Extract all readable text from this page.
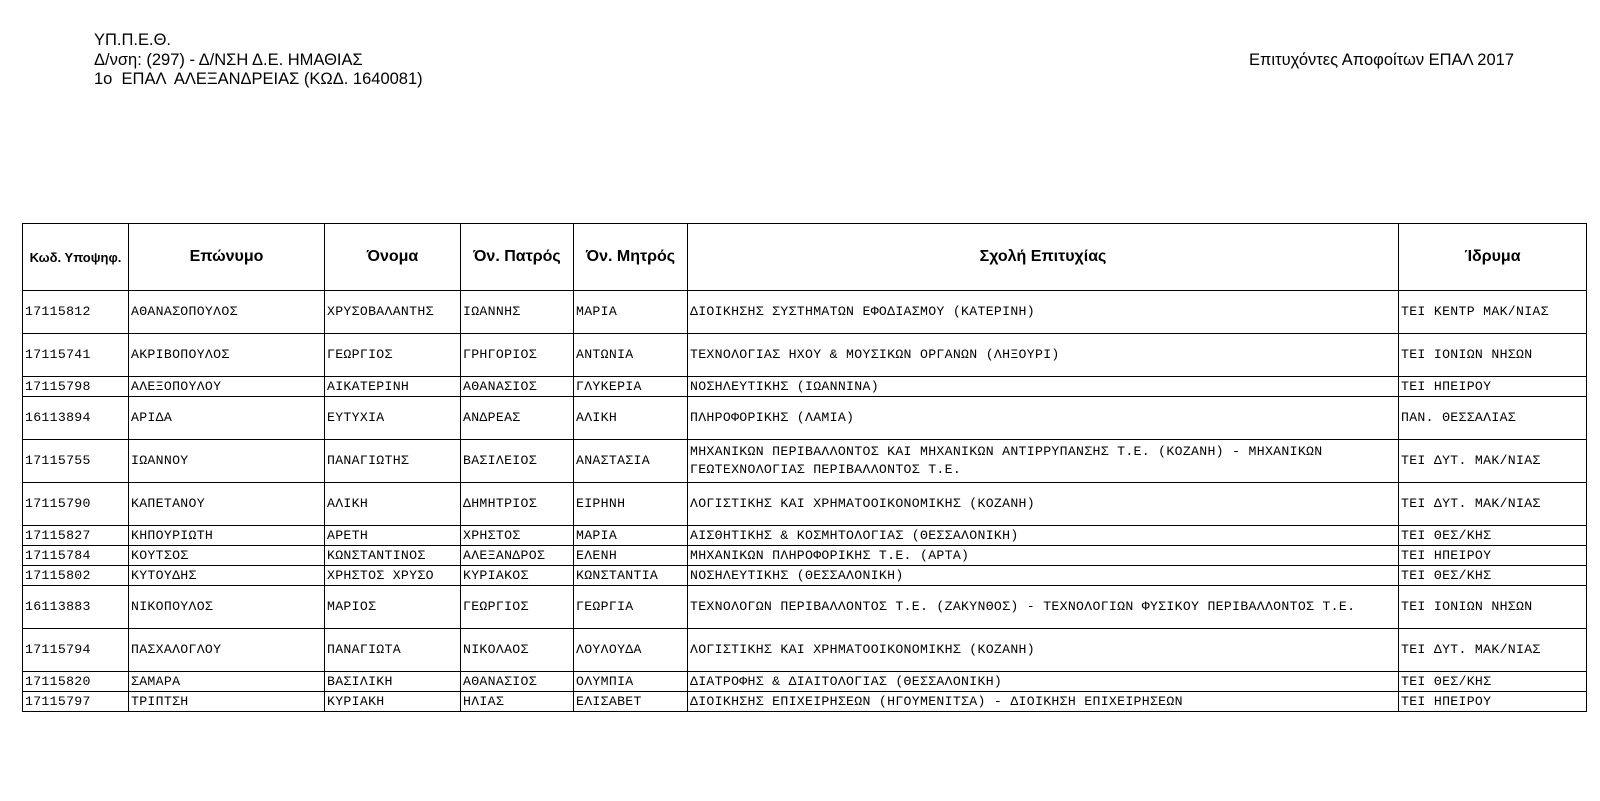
ΥΠ.Π.Ε.Θ.
Δ/νση: (297) - Δ/ΝΣΗ Δ.Ε. ΗΜΑΘΙΑΣ
1ο  ΕΠΑΛ  ΑΛΕΞΑΝΔΡΕΙΑΣ (ΚΩΔ. 1640081)
Επιτυχόντες Αποφοίτων ΕΠΑΛ 2017
Κωδ. Υποψηφ.	Επώνυμο	Όνομα	Όν. Πατρός	Όν. Μητρός	Σχολή Επιτυχίας	Ίδρυμα
17115812	ΑΘΑΝΑΣΟΠΟΥΛΟΣ	ΧΡΥΣΟΒΑΛΑΝΤΗΣ	ΙΩΑΝΝΗΣ	ΜΑΡΙΑ	ΔΙΟΙΚΗΣΗΣ ΣΥΣΤΗΜΑΤΩΝ ΕΦΟΔΙΑΣΜΟΥ (ΚΑΤΕΡΙΝΗ)	ΤΕΙ ΚΕΝΤΡ ΜΑΚ/ΝΙΑΣ
17115741	ΑΚΡΙΒΟΠΟΥΛΟΣ	ΓΕΩΡΓΙΟΣ	ΓΡΗΓΟΡΙΟΣ	ΑΝΤΩΝΙΑ	ΤΕΧΝΟΛΟΓΙΑΣ ΗΧΟΥ & ΜΟΥΣΙΚΩΝ ΟΡΓΑΝΩΝ (ΛΗΞΟΥΡΙ)	ΤΕΙ ΙΟΝΙΩΝ ΝΗΣΩΝ
17115798	ΑΛΕΞΟΠΟΥΛΟΥ	ΑΙΚΑΤΕΡΙΝΗ	ΑΘΑΝΑΣΙΟΣ	ΓΛΥΚΕΡΙΑ	ΝΟΣΗΛΕΥΤΙΚΗΣ (ΙΩΑΝΝΙΝΑ)	ΤΕΙ ΗΠΕΙΡΟΥ
16113894	ΑΡΙΔΑ	ΕΥΤΥΧΙΑ	ΑΝΔΡΕΑΣ	ΑΛΙΚΗ	ΠΛΗΡΟΦΟΡΙΚΗΣ (ΛΑΜΙΑ)	ΠΑΝ. ΘΕΣΣΑΛΙΑΣ
17115755	ΙΩΑΝΝΟΥ	ΠΑΝΑΓΙΩΤΗΣ	ΒΑΣΙΛΕΙΟΣ	ΑΝΑΣΤΑΣΙΑ	ΜΗΧΑΝΙΚΩΝ ΠΕΡΙΒΑΛΛΟΝΤΟΣ ΚΑΙ ΜΗΧΑΝΙΚΩΝ ΑΝΤΙΡΡΥΠΑΝΣΗΣ Τ.Ε. (ΚΟΖΑΝΗ) - ΜΗΧΑΝΙΚΩΝ ΓΕΩΤΕΧΝΟΛΟΓΙΑΣ ΠΕΡΙΒΑΛΛΟΝΤΟΣ Τ.Ε.	ΤΕΙ ΔΥΤ. ΜΑΚ/ΝΙΑΣ
17115790	ΚΑΠΕΤΑΝΟΥ	ΑΛΙΚΗ	ΔΗΜΗΤΡΙΟΣ	ΕΙΡΗΝΗ	ΛΟΓΙΣΤΙΚΗΣ ΚΑΙ ΧΡΗΜΑΤΟΟΙΚΟΝΟΜΙΚΗΣ (ΚΟΖΑΝΗ)	ΤΕΙ ΔΥΤ. ΜΑΚ/ΝΙΑΣ
17115827	ΚΗΠΟΥΡΙΩΤΗ	ΑΡΕΤΗ	ΧΡΗΣΤΟΣ	ΜΑΡΙΑ	ΑΙΣΘΗΤΙΚΗΣ & ΚΟΣΜΗΤΟΛΟΓΙΑΣ (ΘΕΣΣΑΛΟΝΙΚΗ)	ΤΕΙ ΘΕΣ/ΚΗΣ
17115784	ΚΟΥΤΣΟΣ	ΚΩΝΣΤΑΝΤΙΝΟΣ	ΑΛΕΞΑΝΔΡΟΣ	ΕΛΕΝΗ	ΜΗΧΑΝΙΚΩΝ ΠΛΗΡΟΦΟΡΙΚΗΣ Τ.Ε. (ΑΡΤΑ)	ΤΕΙ ΗΠΕΙΡΟΥ
17115802	ΚΥΤΟΥΔΗΣ	ΧΡΗΣΤΟΣ ΧΡΥΣΟ	ΚΥΡΙΑΚΟΣ	ΚΩΝΣΤΑΝΤΙΑ	ΝΟΣΗΛΕΥΤΙΚΗΣ (ΘΕΣΣΑΛΟΝΙΚΗ)	ΤΕΙ ΘΕΣ/ΚΗΣ
16113883	ΝΙΚΟΠΟΥΛΟΣ	ΜΑΡΙΟΣ	ΓΕΩΡΓΙΟΣ	ΓΕΩΡΓΙΑ	ΤΕΧΝΟΛΟΓΩΝ ΠΕΡΙΒΑΛΛΟΝΤΟΣ Τ.Ε. (ΖΑΚΥΝΘΟΣ) - ΤΕΧΝΟΛΟΓΙΩΝ ΦΥΣΙΚΟΥ ΠΕΡΙΒΑΛΛΟΝΤΟΣ Τ.Ε.	ΤΕΙ ΙΟΝΙΩΝ ΝΗΣΩΝ
17115794	ΠΑΣΧΑΛΟΓΛΟΥ	ΠΑΝΑΓΙΩΤΑ	ΝΙΚΟΛΑΟΣ	ΛΟΥΛΟΥΔΑ	ΛΟΓΙΣΤΙΚΗΣ ΚΑΙ ΧΡΗΜΑΤΟΟΙΚΟΝΟΜΙΚΗΣ (ΚΟΖΑΝΗ)	ΤΕΙ ΔΥΤ. ΜΑΚ/ΝΙΑΣ
17115820	ΣΑΜΑΡΑ	ΒΑΣΙΛΙΚΗ	ΑΘΑΝΑΣΙΟΣ	ΟΛΥΜΠΙΑ	ΔΙΑΤΡΟΦΗΣ & ΔΙΑΙΤΟΛΟΓΙΑΣ (ΘΕΣΣΑΛΟΝΙΚΗ)	ΤΕΙ ΘΕΣ/ΚΗΣ
17115797	ΤΡΙΠΤΣΗ	ΚΥΡΙΑΚΗ	ΗΛΙΑΣ	ΕΛΙΣΑΒΕΤ	ΔΙΟΙΚΗΣΗΣ ΕΠΙΧΕΙΡΗΣΕΩΝ (ΗΓΟΥΜΕΝΙΤΣΑ) - ΔΙΟΙΚΗΣΗ ΕΠΙΧΕΙΡΗΣΕΩΝ	ΤΕΙ ΗΠΕΙΡΟΥ
